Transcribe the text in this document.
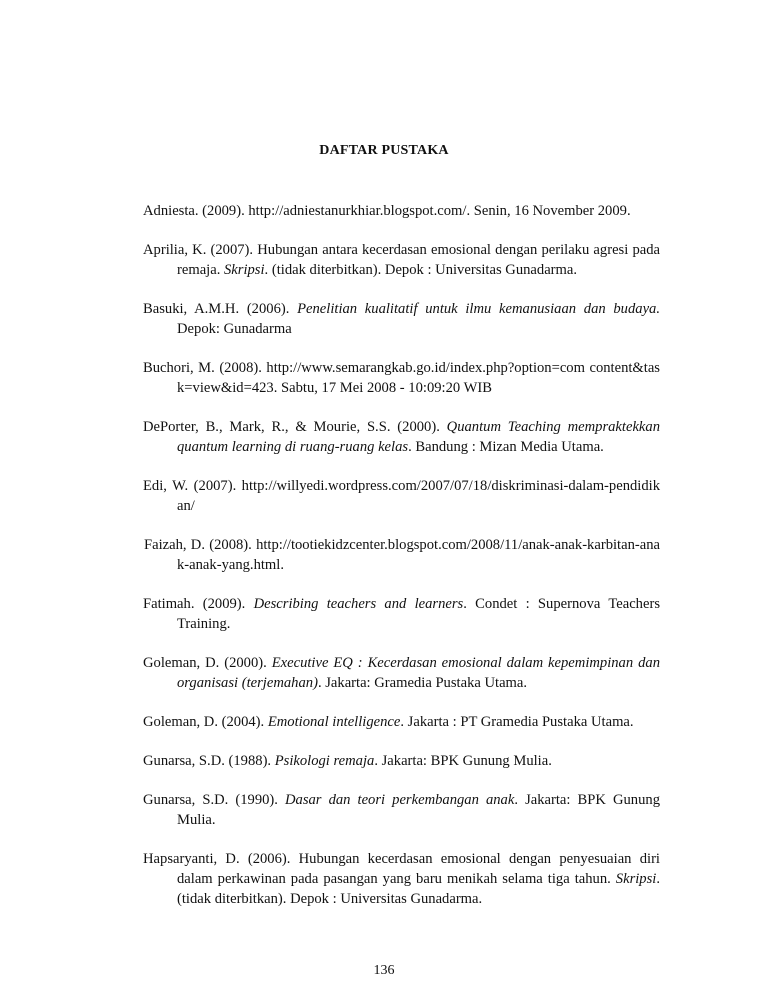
DAFTAR PUSTAKA

Adniesta. (2009). http://adniestanurkhiar.blogspot.com/. Senin, 16 November 2009.

Aprilia, K. (2007). Hubungan antara kecerdasan emosional dengan perilaku agresi pada remaja. Skripsi. (tidak diterbitkan). Depok : Universitas Gunadarma.

Basuki, A.M.H. (2006). Penelitian kualitatif untuk ilmu kemanusiaan dan budaya. Depok: Gunadarma

Buchori, M. (2008). http://www.semarangkab.go.id/index.php?option=com content&task=view&id=423. Sabtu, 17 Mei 2008 - 10:09:20 WIB

DePorter, B., Mark, R., & Mourie, S.S. (2000). Quantum Teaching mempraktekkan quantum learning di ruang-ruang kelas. Bandung : Mizan Media Utama.

Edi, W. (2007). http://willyedi.wordpress.com/2007/07/18/diskriminasi-dalam-pendidikan/

Faizah, D. (2008). http://tootiekidzcenter.blogspot.com/2008/11/anak-anak-karbitan-anak-anak-yang.html.

Fatimah. (2009). Describing teachers and learners. Condet : Supernova Teachers Training.

Goleman, D. (2000). Executive EQ : Kecerdasan emosional dalam kepemimpinan dan organisasi (terjemahan). Jakarta: Gramedia Pustaka Utama.

Goleman, D. (2004). Emotional intelligence. Jakarta : PT Gramedia Pustaka Utama.

Gunarsa, S.D. (1988). Psikologi remaja. Jakarta: BPK Gunung Mulia.

Gunarsa, S.D. (1990). Dasar dan teori perkembangan anak. Jakarta: BPK Gunung Mulia.

Hapsaryanti, D. (2006). Hubungan kecerdasan emosional dengan penyesuaian diri dalam perkawinan pada pasangan yang baru menikah selama tiga tahun. Skripsi. (tidak diterbitkan). Depok : Universitas Gunadarma.

136
